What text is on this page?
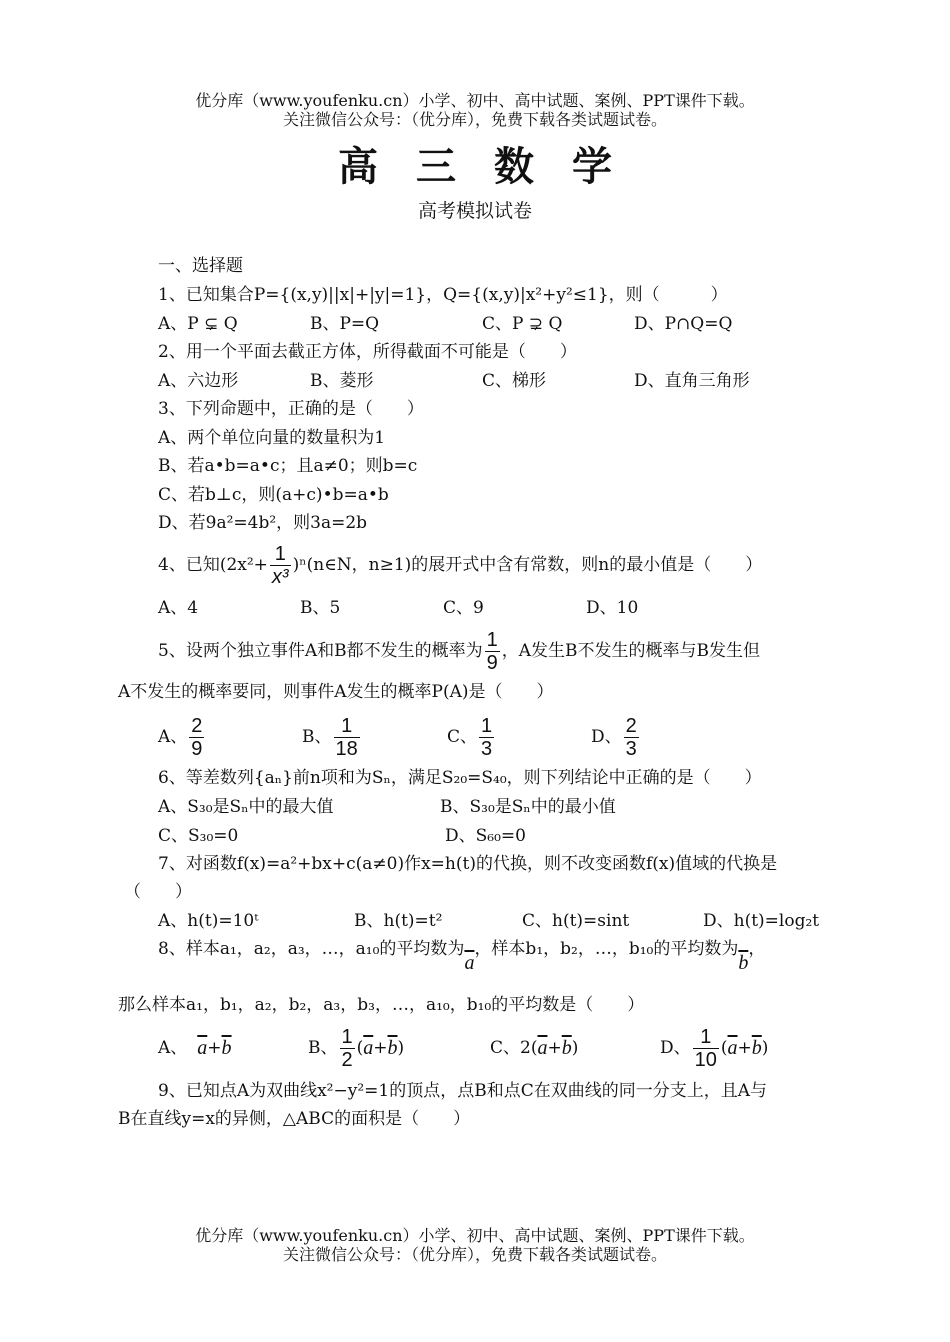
优分库（www.youfenku.cn）小学、初中、高中试题、案例、PPT课件下载。
关注微信公众号：（优分库），免费下载各类试题试卷。
高三数学
高考模拟试卷
一、选择题
1、已知集合P={(x,y)||x|+|y|=1}，Q={(x,y)|x²+y²≤1}，则（　　　）
A、P ⊊ Q	B、P=Q	C、P ⊋ Q	D、P∩Q=Q
2、用一个平面去截正方体，所得截面不可能是（　　）
A、六边形	B、菱形	C、梯形	D、直角三角形
3、下列命题中，正确的是（　　）
A、两个单位向量的数量积为1
B、若a•b=a•c；且a≠0；则b=c
C、若b⊥c，则(a+c)•b=a•b
D、若9a²=4b²，则3a=2b
4、已知($2x^2+ \frac{1}{\text{x³}}$ )ⁿ(n∈N，n≥1)的展开式中含有常数，则n的最小值是（　　）
A、4	B、5	C、9	D、10
5、设两个独立事件A和B都不发生的概率为 $\frac{1}{9}$ ，A发生B不发生的概率与B发生但
A不发生的概率要同，则事件A发生的概率P(A)是（　　）
A、 $\frac{2}{9}$	B、 $\frac{1}{18}$	C、 $\frac{1}{3}$	D、 $\frac{2}{3}$
6、等差数列{aₙ}前n项和为Sₙ，满足S₂₀=S₄₀，则下列结论中正确的是（　　）
A、S₃₀是Sₙ中的最大值	B、S₃₀是Sₙ中的最小值
C、S₃₀=0	D、S₆₀=0
7、对函数f(x)=a²+bx+c(a≠0)作x=h(t)的代换，则不改变函数f(x)值域的代换是
（　　）
A、h(t)=10ᵗ	B、h(t)=t²	C、h(t)=sint	D、h(t)=log₂t
8、样本a₁，a₂，a₃，…，a₁₀的平均数为
$\overline{a}$
，样本b₁，b₂，…，b₁₀的平均数为
$\overline{b}$
，
那么样本a₁，b₁，a₂，b₂，a₃，b₃，…，a₁₀，b₁₀的平均数是（　　）
A、 $\overline{a} + \overline{b}$	B、 $\frac{1}{2}$ ( $\overline{a} + \overline{b}$ )	C、2 ( $\overline{a} + \overline{b}$ )	D、 $\frac{1}{10}$ ( $\overline{a} + \overline{b}$ )
9、已知点A为双曲线x²−y²=1的顶点，点B和点C在双曲线的同一分支上，且A与
B在直线y=x的异侧，△ABC的面积是（　　）
优分库（www.youfenku.cn）小学、初中、高中试题、案例、PPT课件下载。
关注微信公众号：（优分库），免费下载各类试题试卷。
